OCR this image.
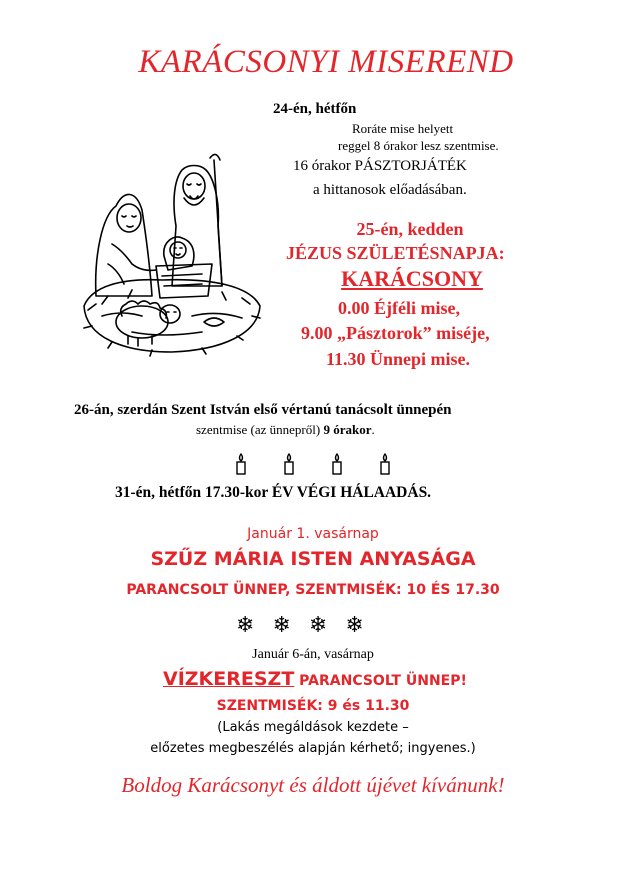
KARÁCSONYI MISEREND
24-én, hétfőn
Roráte mise helyett
reggel 8 órakor lesz szentmise.
16 órakor PÁSZTORJÁTÉK
a hittanosok előadásában.
25-én, kedden
JÉZUS SZÜLETÉSNAPJA:
KARÁCSONY
0.00 Éjféli mise,
9.00 „Pásztorok” miséje,
11.30 Ünnepi mise.
26-án, szerdán Szent István első vértanú tanácsolt ünnepén
szentmise (az ünnepről) 9 órakor.
31-én, hétfőn 17.30-kor ÉV VÉGI HÁLAADÁS.
Január 1. vasárnap
SZŰZ MÁRIA ISTEN ANYASÁGA
PARANCSOLT ÜNNEP, SZENTMISÉK: 10 ÉS 17.30
❄ ❄ ❄ ❄
Január 6-án, vasárnap
VÍZKERESZT PARANCSOLT ÜNNEP!
SZENTMISÉK: 9 és 11.30
(Lakás megáldások kezdete –
előzetes megbeszélés alapján kérhető; ingyenes.)
Boldog Karácsonyt és áldott újévet kívánunk!
